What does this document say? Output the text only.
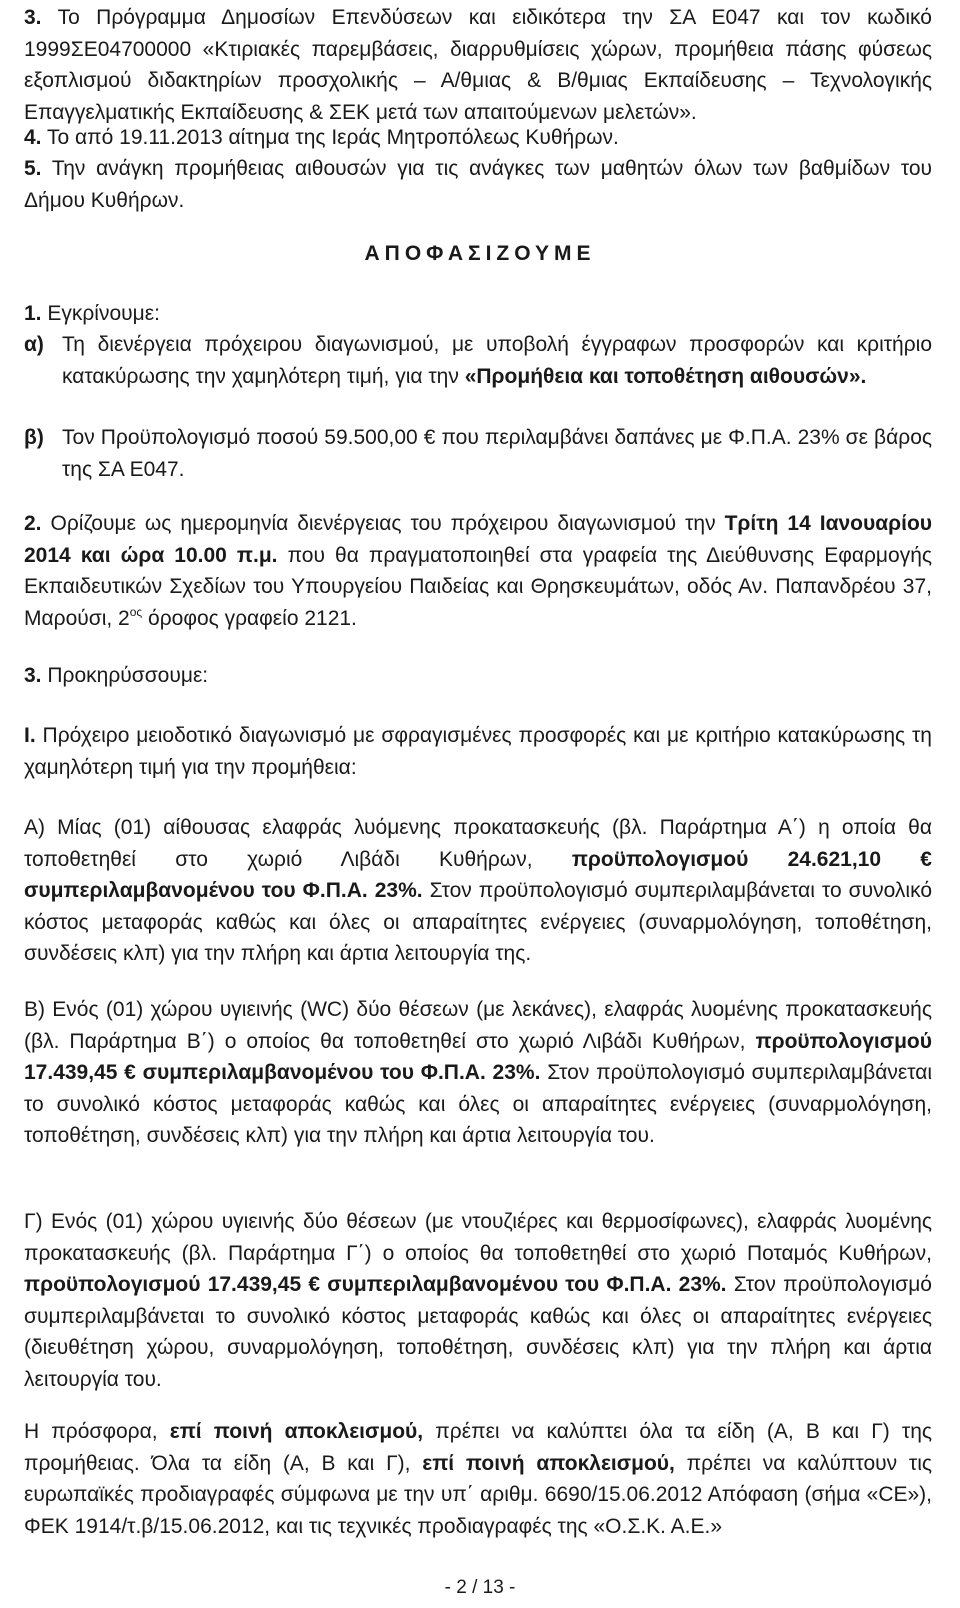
3. Το Πρόγραμμα Δημοσίων Επενδύσεων και ειδικότερα την ΣΑ Ε047 και τον κωδικό 1999ΣΕ04700000 «Κτιριακές παρεμβάσεις, διαρρυθμίσεις χώρων, προμήθεια πάσης φύσεως εξοπλισμού διδακτηρίων προσχολικής – Α/θμιας & Β/θμιας Εκπαίδευσης – Τεχνολογικής Επαγγελματικής Εκπαίδευσης & ΣΕΚ μετά των απαιτούμενων μελετών».

4. Το από 19.11.2013 αίτημα της Ιεράς Μητροπόλεως Κυθήρων.

5. Την ανάγκη προμήθειας αιθουσών για τις ανάγκες των μαθητών όλων των βαθμίδων του Δήμου Κυθήρων.

ΑΠΟΦΑΣΙΖΟΥΜΕ

1. Εγκρίνουμε:

α) Τη διενέργεια πρόχειρου διαγωνισμού, με υποβολή έγγραφων προσφορών και κριτήριο κατακύρωσης την χαμηλότερη τιμή, για την «Προμήθεια και τοποθέτηση αιθουσών».

β) Τον Προϋπολογισμό ποσού 59.500,00 € που περιλαμβάνει δαπάνες με Φ.Π.Α. 23% σε βάρος της ΣΑ Ε047.

2. Ορίζουμε ως ημερομηνία διενέργειας του πρόχειρου διαγωνισμού την Τρίτη 14 Ιανουαρίου 2014 και ώρα 10.00 π.μ. που θα πραγματοποιηθεί στα γραφεία της Διεύθυνσης Εφαρμογής Εκπαιδευτικών Σχεδίων του Υπουργείου Παιδείας και Θρησκευμάτων, οδός Αν. Παπανδρέου 37, Μαρούσι, $2^{o\varsigma}$ όροφος γραφείο 2121.

3. Προκηρύσσουμε:

Ι. Πρόχειρο μειοδοτικό διαγωνισμό με σφραγισμένες προσφορές και με κριτήριο κατακύρωσης τη χαμηλότερη τιμή για την προμήθεια:

Α) Μίας (01) αίθουσας ελαφράς λυόμενης προκατασκευής (βλ. Παράρτημα Α΄) η οποία θα τοποθετηθεί στο χωριό Λιβάδι Κυθήρων, προϋπολογισμού 24.621,10 € συμπεριλαμβανομένου του Φ.Π.Α. 23%. Στον προϋπολογισμό συμπεριλαμβάνεται το συνολικό κόστος μεταφοράς καθώς και όλες οι απαραίτητες ενέργειες (συναρμολόγηση, τοποθέτηση, συνδέσεις κλπ) για την πλήρη και άρτια λειτουργία της.

Β) Ενός (01) χώρου υγιεινής (WC) δύο θέσεων (με λεκάνες), ελαφράς λυομένης προκατασκευής (βλ. Παράρτημα Β΄) ο οποίος θα τοποθετηθεί στο χωριό Λιβάδι Κυθήρων, προϋπολογισμού 17.439,45 € συμπεριλαμβανομένου του Φ.Π.Α. 23%. Στον προϋπολογισμό συμπεριλαμβάνεται το συνολικό κόστος μεταφοράς καθώς και όλες οι απαραίτητες ενέργειες (συναρμολόγηση, τοποθέτηση, συνδέσεις κλπ) για την πλήρη και άρτια λειτουργία του.

Γ) Ενός (01) χώρου υγιεινής δύο θέσεων (με ντουζιέρες και θερμοσίφωνες), ελαφράς λυομένης προκατασκευής (βλ. Παράρτημα Γ΄) ο οποίος θα τοποθετηθεί στο χωριό Ποταμός Κυθήρων, προϋπολογισμού 17.439,45 € συμπεριλαμβανομένου του Φ.Π.Α. 23%. Στον προϋπολογισμό συμπεριλαμβάνεται το συνολικό κόστος μεταφοράς καθώς και όλες οι απαραίτητες ενέργειες (διευθέτηση χώρου, συναρμολόγηση, τοποθέτηση, συνδέσεις κλπ) για την πλήρη και άρτια λειτουργία του.

Η πρόσφορα, επί ποινή αποκλεισμού, πρέπει να καλύπτει όλα τα είδη (Α, Β και Γ) της προμήθειας. Όλα τα είδη (Α, Β και Γ), επί ποινή αποκλεισμού, πρέπει να καλύπτουν τις ευρωπαϊκές προδιαγραφές σύμφωνα με την υπ΄ αριθμ. 6690/15.06.2012 Απόφαση (σήμα «CE»), ΦΕΚ 1914/τ.β/15.06.2012, και τις τεχνικές προδιαγραφές της «Ο.Σ.Κ. Α.Ε.»

- 2 / 13 -
